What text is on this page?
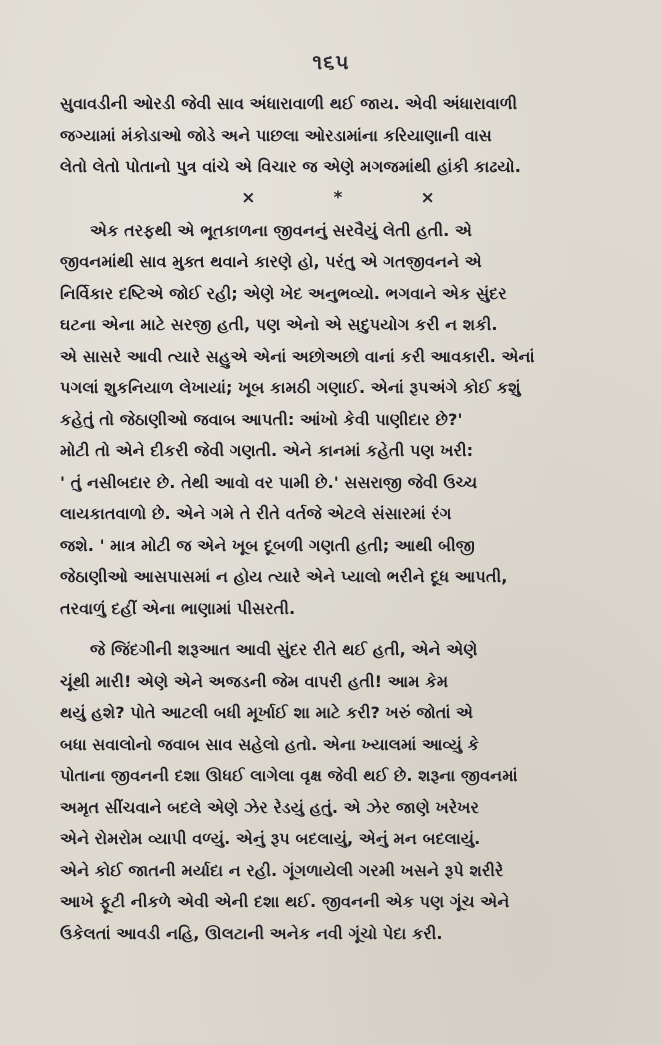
૧૬૫

સુવાવડીની ઓરડી જેવી સાવ અંધારાવાળી થઈ જાય. એવી અંધારાવાળી
જગ્યામાં મંકોડાઓ જોડે અને પાછલા ઓરડામાંના કરિયાણાની વાસ
લેતો લેતો પોતાનો પુત્ર વાંચે એ વિચાર જ એણે મગજમાંથી હાંકી કાઢયો.

×	*	×

એક તરફથી એ ભૂતકાળના જીવનનું સરવૈયું લેતી હતી. એ
જીવનમાંથી સાવ મુક્ત થવાને કારણે હો, પરંતુ એ ગતજીવનને એ
નિર્વિકાર દષ્ટિએ જોઈ રહી; એણે ખેદ અનુભવ્યો. ભગવાને એક સુંદર
ઘટના એના માટે સરજી હતી, પણ એનો એ સદુપયોગ કરી ન શકી.
એ સાસરે આવી ત્યારે સહુએ એનાં અછોઅછો વાનાં કરી આવકારી. એનાં
પગલાં શુકનિયાળ લેખાયાં; ખૂબ કામઠી ગણાઈ. એનાં રૂપઅંગે કોઈ કશું
કહેતું તો જેઠાણીઓ જવાબ આપતી: આંખો કેવી પાણીદાર છે?'
મોટી તો એને દીકરી જેવી ગણતી. એને કાનમાં કહેતી પણ ખરી:
' તું નસીબદાર છે. તેથી આવો વર પામી છે.' સસરાજી જેવી ઉચ્ચ
લાયકાતવાળો છે. એને ગમે તે રીતે વર્તજે એટલે સંસારમાં રંગ
જશે. ' માત્ર મોટી જ એને ખૂબ દૂબળી ગણતી હતી; આથી બીજી
જેઠાણીઓ આસપાસમાં ન હોય ત્યારે એને પ્યાલો ભરીને દૂધ આપતી,
તરવાળું દહીં એના ભાણામાં પીસરતી.

જે જિંદગીની શરૂઆત આવી સુંદર રીતે થઈ હતી, એને એણે
ચૂંથી મારી! એણે એને અજડની જેમ વાપરી હતી! આમ કેમ
થયું હશે? પોતે આટલી બધી મૂર્ખાઈ શા માટે કરી? ખરું જોતાં એ
બધા સવાલોનો જવાબ સાવ સહેલો હતો. એના ખ્યાલમાં આવ્યું કે
પોતાના જીવનની દશા ઊધઈ લાગેલા વૃક્ષ જેવી થઈ છે. શરૂના જીવનમાં
અમૃત સીંચવાને બદલે એણે ઝેર રેડયું હતું. એ ઝેર જાણે ખરેખર
એને રોમરોમ વ્યાપી વળ્યું. એનું રૂપ બદલાયું, એનું મન બદલાયું.
એને કોઈ જાતની મર્યાદા ન રહી. ગૂંગળાયેલી ગરમી ખસને રૂપે શરીરે
આખે ફૂટી નીકળે એવી એની દશા થઈ. જીવનની એક પણ ગૂંચ એને
ઉકેલતાં આવડી નહિ, ઊલટાની અનેક નવી ગૂંચો પેદા કરી.
